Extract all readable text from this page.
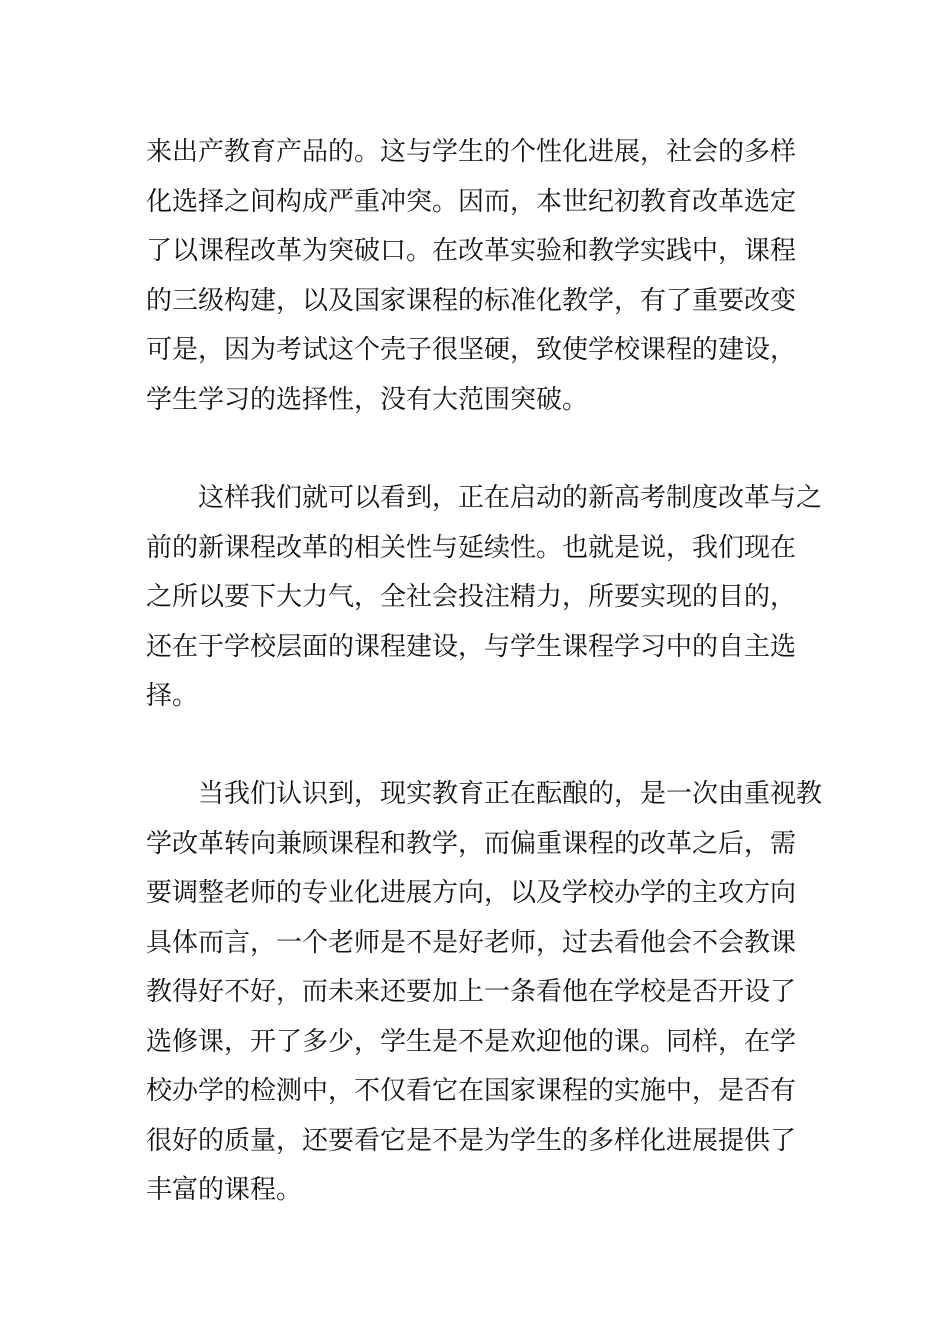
来出产教育产品的。这与学生的个性化进展，社会的多样
化选择之间构成严重冲突。因而，本世纪初教育改革选定
了以课程改革为突破口。在改革实验和教学实践中，课程
的三级构建，以及国家课程的标准化教学，有了重要改变
可是，因为考试这个壳子很坚硬，致使学校课程的建设，
学生学习的选择性，没有大范围突破。
　　这样我们就可以看到，正在启动的新高考制度改革与之
前的新课程改革的相关性与延续性。也就是说，我们现在
之所以要下大力气，全社会投注精力，所要实现的目的，
还在于学校层面的课程建设，与学生课程学习中的自主选
择。
　　当我们认识到，现实教育正在酝酿的，是一次由重视教
学改革转向兼顾课程和教学，而偏重课程的改革之后，需
要调整老师的专业化进展方向，以及学校办学的主攻方向
具体而言，一个老师是不是好老师，过去看他会不会教课
教得好不好，而未来还要加上一条看他在学校是否开设了
选修课，开了多少，学生是不是欢迎他的课。同样，在学
校办学的检测中，不仅看它在国家课程的实施中，是否有
很好的质量，还要看它是不是为学生的多样化进展提供了
丰富的课程。
